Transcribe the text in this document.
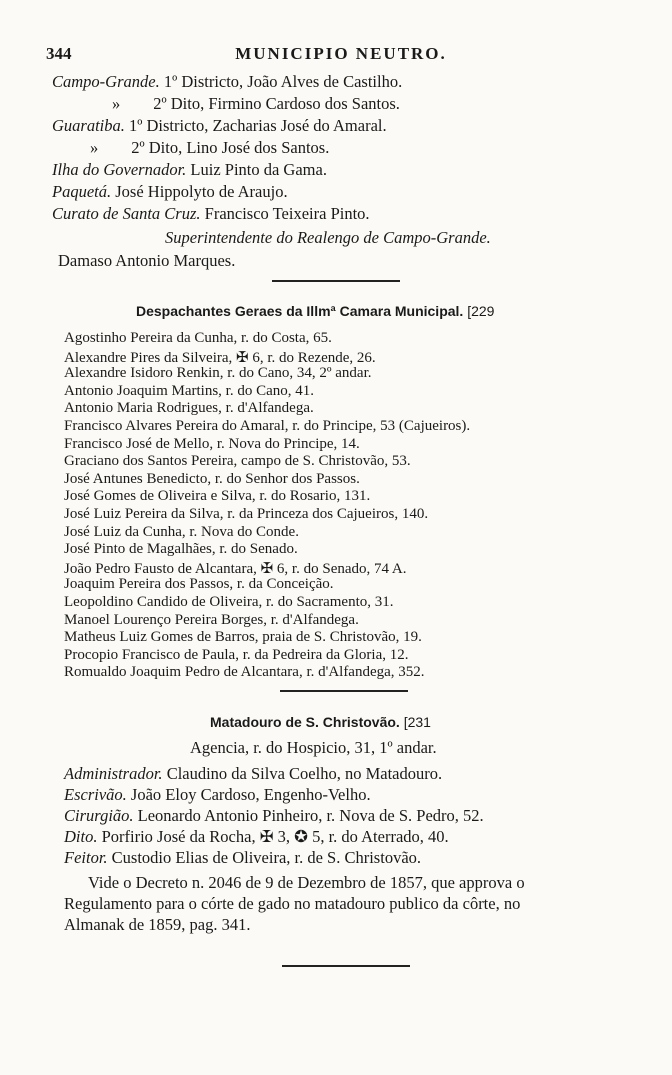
344	MUNICIPIO NEUTRO.
Campo-Grande. 1º Districto, João Alves de Castilho.
» 2º Dito, Firmino Cardoso dos Santos.
Guaratiba. 1º Districto, Zacharias José do Amaral.
» 2º Dito, Lino José dos Santos.
Ilha do Governador. Luiz Pinto da Gama.
Paquetá. José Hippolyto de Araujo.
Curato de Santa Cruz. Francisco Teixeira Pinto.
Superintendente do Realengo de Campo-Grande.
Damaso Antonio Marques.
Despachantes Geraes da Illmª Camara Municipal. [229
Agostinho Pereira da Cunha, r. do Costa, 65.
Alexandre Pires da Silveira, ✠ 6, r. do Rezende, 26.
Alexandre Isidoro Renkin, r. do Cano, 34, 2º andar.
Antonio Joaquim Martins, r. do Cano, 41.
Antonio Maria Rodrigues, r. d'Alfandega.
Francisco Alvares Pereira do Amaral, r. do Principe, 53 (Cajueiros).
Francisco José de Mello, r. Nova do Principe, 14.
Graciano dos Santos Pereira, campo de S. Christovão, 53.
José Antunes Benedicto, r. do Senhor dos Passos.
José Gomes de Oliveira e Silva, r. do Rosario, 131.
José Luiz Pereira da Silva, r. da Princeza dos Cajueiros, 140.
José Luiz da Cunha, r. Nova do Conde.
José Pinto de Magalhães, r. do Senado.
João Pedro Fausto de Alcantara, ✠ 6, r. do Senado, 74 A.
Joaquim Pereira dos Passos, r. da Conceição.
Leopoldino Candido de Oliveira, r. do Sacramento, 31.
Manoel Lourenço Pereira Borges, r. d'Alfandega.
Matheus Luiz Gomes de Barros, praia de S. Christovão, 19.
Procopio Francisco de Paula, r. da Pedreira da Gloria, 12.
Romualdo Joaquim Pedro de Alcantara, r. d'Alfandega, 352.
Matadouro de S. Christovão. [231
Agencia, r. do Hospicio, 31, 1º andar.
Administrador. Claudino da Silva Coelho, no Matadouro.
Escrivão. João Eloy Cardoso, Engenho-Velho.
Cirurgião. Leonardo Antonio Pinheiro, r. Nova de S. Pedro, 52.
Dito. Porfirio José da Rocha, ✠ 3, ✪ 5, r. do Aterrado, 40.
Feitor. Custodio Elias de Oliveira, r. de S. Christovão.
Vide o Decreto n. 2046 de 9 de Dezembro de 1857, que approva o
Regulamento para o córte de gado no matadouro publico da côrte, no
Almanak de 1859, pag. 341.
